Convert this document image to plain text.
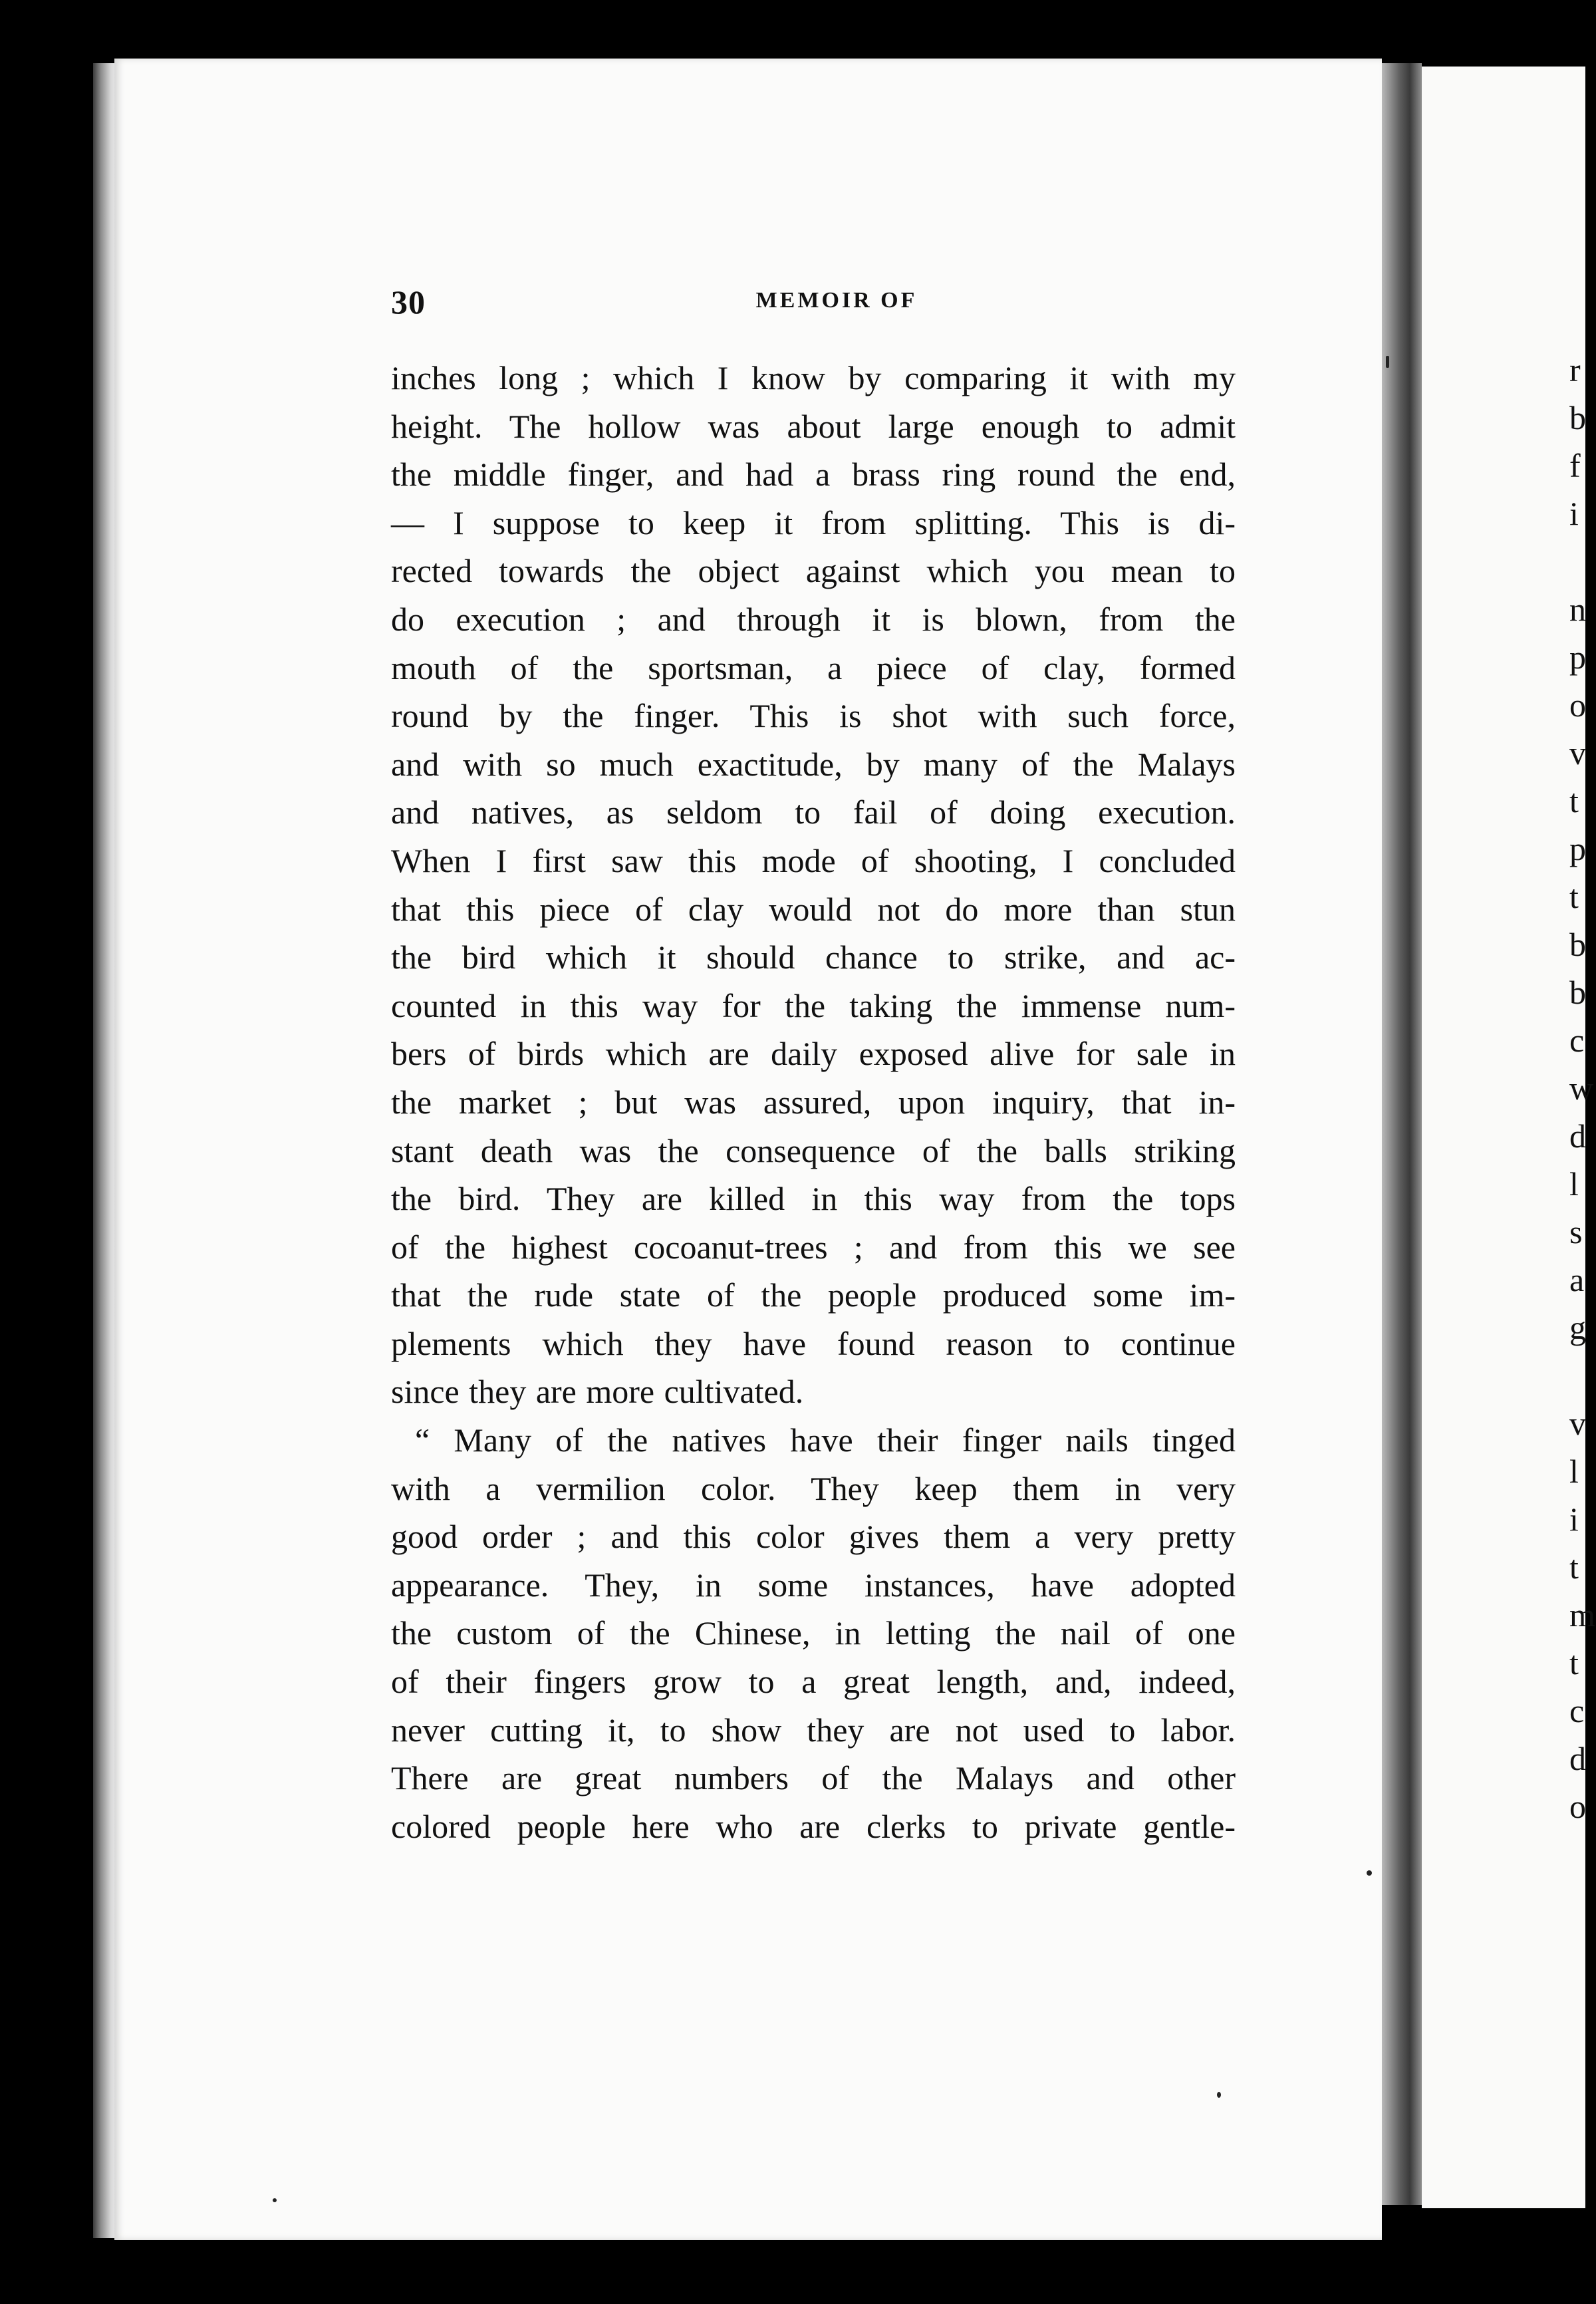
30	MEMOIR OF
inches long ; which I know by comparing it with my
height. The hollow was about large enough to admit
the middle finger, and had a brass ring round the end,
— I suppose to keep it from splitting. This is di-
rected towards the object against which you mean to
do execution ; and through it is blown, from the
mouth of the sportsman, a piece of clay, formed
round by the finger. This is shot with such force,
and with so much exactitude, by many of the Malays
and natives, as seldom to fail of doing execution.
When I first saw this mode of shooting, I concluded
that this piece of clay would not do more than stun
the bird which it should chance to strike, and ac-
counted in this way for the taking the immense num-
bers of birds which are daily exposed alive for sale in
the market ; but was assured, upon inquiry, that in-
stant death was the consequence of the balls striking
the bird. They are killed in this way from the tops
of the highest cocoanut-trees ; and from this we see
that the rude state of the people produced some im-
plements which they have found reason to continue
since they are more cultivated.
“ Many of the natives have their finger nails tinged
with a vermilion color. They keep them in very
good order ; and this color gives them a very pretty
appearance. They, in some instances, have adopted
the custom of the Chinese, in letting the nail of one
of their fingers grow to a great length, and, indeed,
never cutting it, to show they are not used to labor.
There are great numbers of the Malays and other
colored people here who are clerks to private gentle-
r
b
f
i
n
p
o
v
t
p
t
b
b
c
w
d
l
s
a
g
v
l
i
t
m
t
c
d
o
